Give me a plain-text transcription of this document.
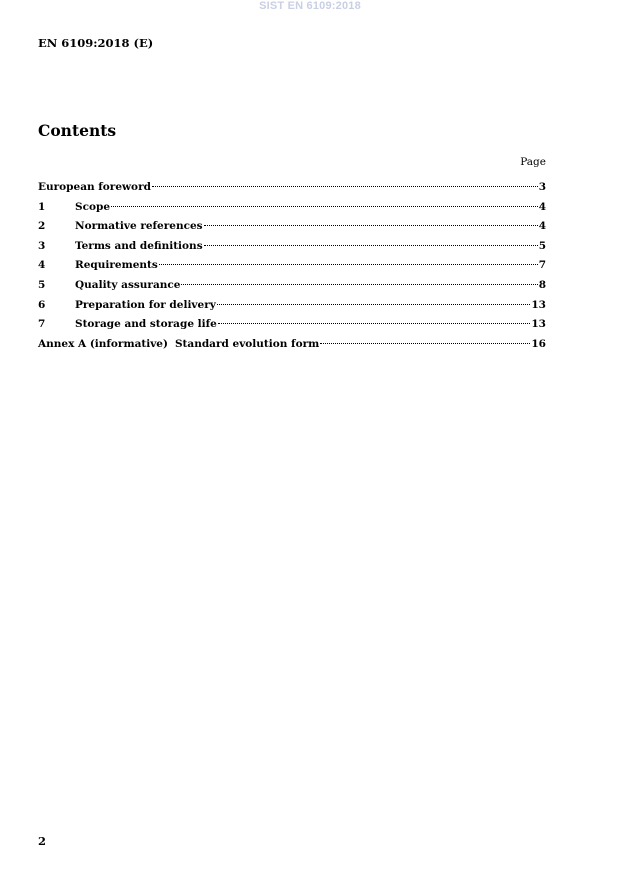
SIST EN 6109:2018
EN 6109:2018 (E)
Contents
Page
European foreword	3
1	Scope	4
2	Normative references	4
3	Terms and definitions	5
4	Requirements	7
5	Quality assurance	8
6	Preparation for delivery	13
7	Storage and storage life	13
Annex A (informative) Standard evolution form	16
2
